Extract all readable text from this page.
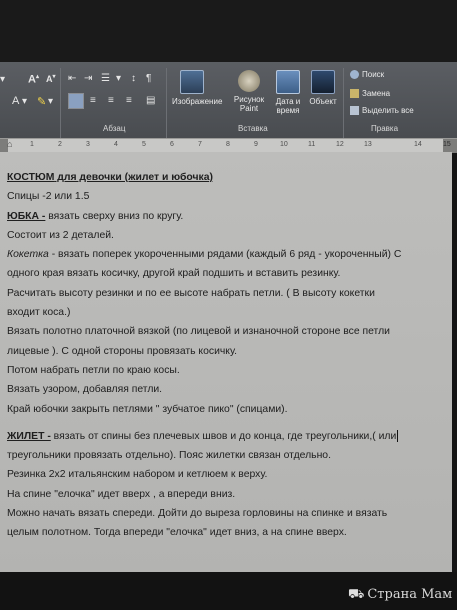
▾ A▴ A▾
A ▾ ✎ ▾
⇤ ⇥ ☰ ▾ ↕ ¶
≡ ≡ ≡ ▤
Абзац
Изображение	Рисунок
Paint
Дата и
время
Объект
Вставка
Поиск
Замена
Выделить все
Правка
⌂	1	2	3	4	5	6	7	8	9	10	11	12	13	14	15

КОСТЮМ для девочки (жилет и юбочка)

Спицы -2 или 1.5

ЮБКА - вязать сверху вниз по кругу.

Состоит из 2 деталей.

Кокетка - вязать поперек укороченными рядами (каждый 6 ряд - укороченный) С

одного края вязать косичку, другой край подшить и вставить резинку.

Расчитать высоту резинки и по ее высоте набрать петли. ( В высоту кокетки

входит коса.)

Вязать полотно платочной вязкой (по лицевой и изнаночной стороне все петли

лицевые ). С одной стороны провязать косичку.

Потом набрать петли по краю косы.

Вязать узором, добавляя петли.

Край юбочки закрыть петлями " зубчатое пико" (спицами).

ЖИЛЕТ - вязать от спины без плечевых швов и до конца, где треугольники,( или

треугольники провязать отдельно). Пояс жилетки связан отдельно.

Резинка 2х2 итальянским набором и кетлюем к верху.

На спине "елочка" идет вверх , а впереди вниз.

Можно начать вязать спереди. Дойти до выреза горловины на спинке и вязать

целым полотном. Тогда впереди "елочка" идет вниз, а на спине вверх.

⛟ Страна Мам
